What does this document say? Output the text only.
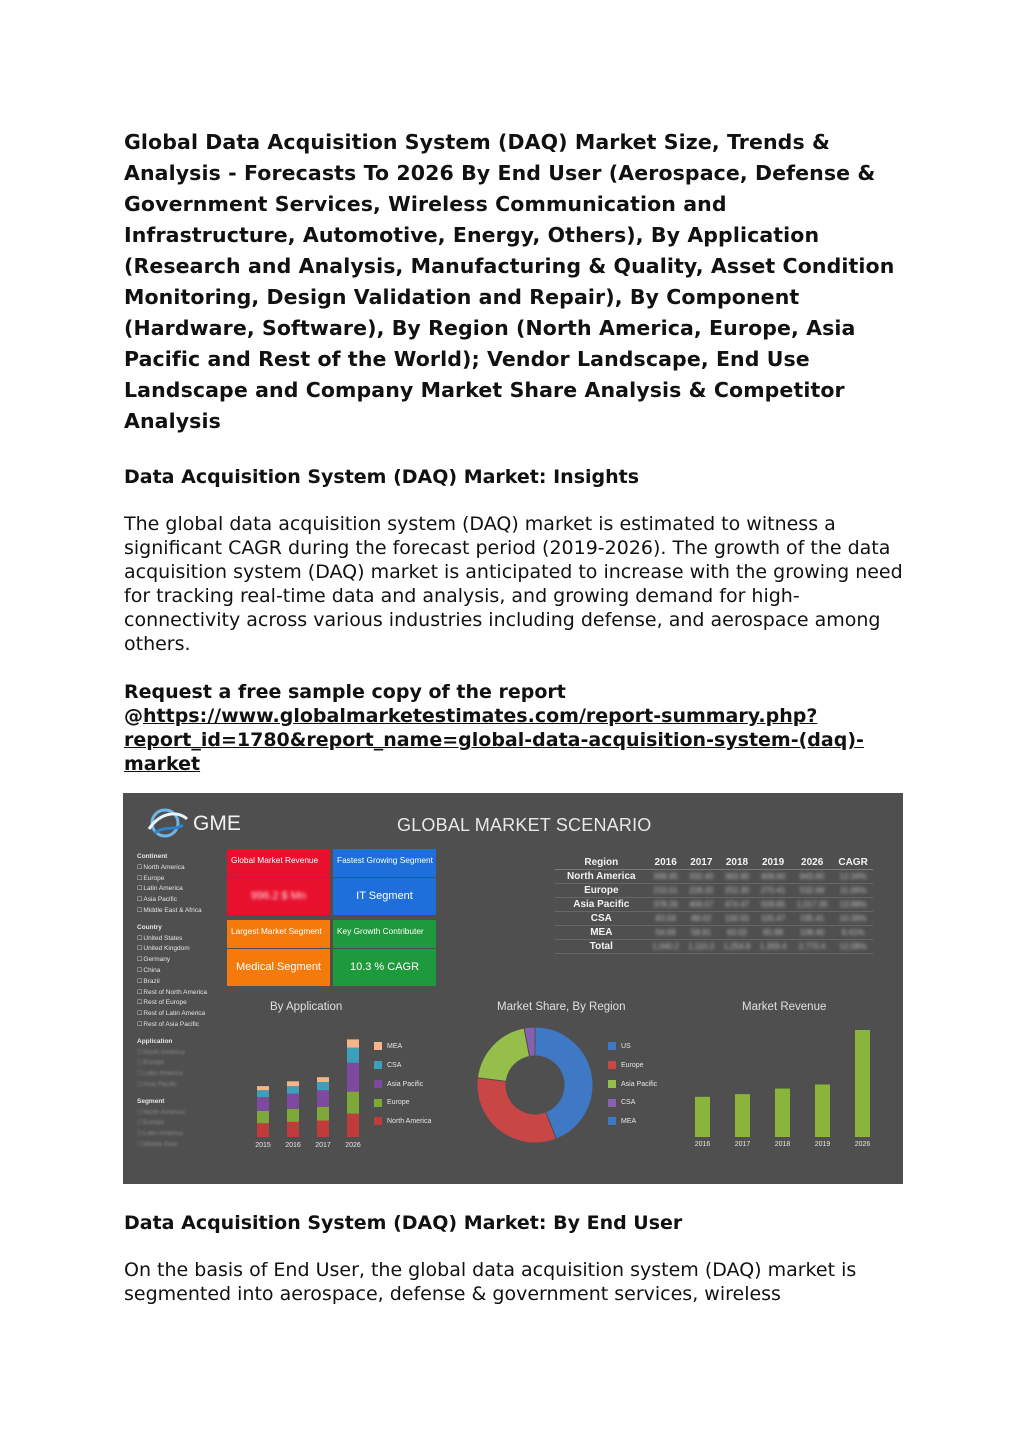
Global Data Acquisition System (DAQ) Market Size, Trends & Analysis - Forecasts To 2026 By End User (Aerospace, Defense & Government Services, Wireless Communication and Infrastructure, Automotive, Energy, Others), By Application (Research and Analysis, Manufacturing & Quality, Asset Condition Monitoring, Design Validation and Repair), By Component (Hardware, Software), By Region (North America, Europe, Asia Pacific and Rest of the World); Vendor Landscape, End Use Landscape and Company Market Share Analysis & Competitor Analysis
Data Acquisition System (DAQ) Market: Insights

The global data acquisition system (DAQ) market is estimated to witness a significant CAGR during the forecast period (2019-2026). The growth of the data acquisition system (DAQ) market is anticipated to increase with the growing need for tracking real-time data and analysis, and growing demand for high-connectivity across various industries including defense, and aerospace among others.

Request a free sample copy of the report @https://www.globalmarketestimates.com/report-summary.php?report_id=1780&report_name=global-data-acquisition-system-(daq)-market

GME	GLOBAL MARKET SCENARIO
Continent
☐ North America
☐ Europe
☐ Latin America
☐ Asia Pacific
☐ Middle East & Africa
Country
☐ United States
☐ United Kingdom
☐ Germany
☐ China
☐ Brazil
☐ Rest of North America
☐ Rest of Europe
☐ Rest of Latin America
☐ Rest of Asia Pacific
Application
☐ North America
☐ Europe
☐ Latin America
☐ Asia Pacific
Segment
☐ North America
☐ Europe
☐ Latin America
☐ Middle East
Global Market Revenue
996.2 $ Mn
Fastest Growing Segment
IT Segment
Largest Market Segment
Medical Segment
Key Growth Contributer
10.3 % CAGR
Region	2016	2017	2018	2019	2026	CAGR
North America	399.95	332.40	363.90	408.60	843.65	12.34%
Europe	210.51	228.32	252.30	270.41	532.69	11.06%
Asia Pacific	378.26	406.57	474.47	509.85	1,017.35	13.88%
CSA	83.59	88.02	100.55	105.47	195.41	10.39%
MEA	54.69	58.81	63.02	65.88	108.40	8.41%
Total	1,040.2	1,110.2	1,254.8	1,359.4	2,770.4	12.08%
By Application	Market Share, By Region	Market Revenue
2015 2016 2017 2026
MEA
CSA
Asia Pacific
Europe
North America
US
Europe
Asia Pacific
CSA
MEA
2016	2017	2018	2019	2026
Data Acquisition System (DAQ) Market: By End User

On the basis of End User, the global data acquisition system (DAQ) market is segmented into aerospace, defense & government services, wireless
